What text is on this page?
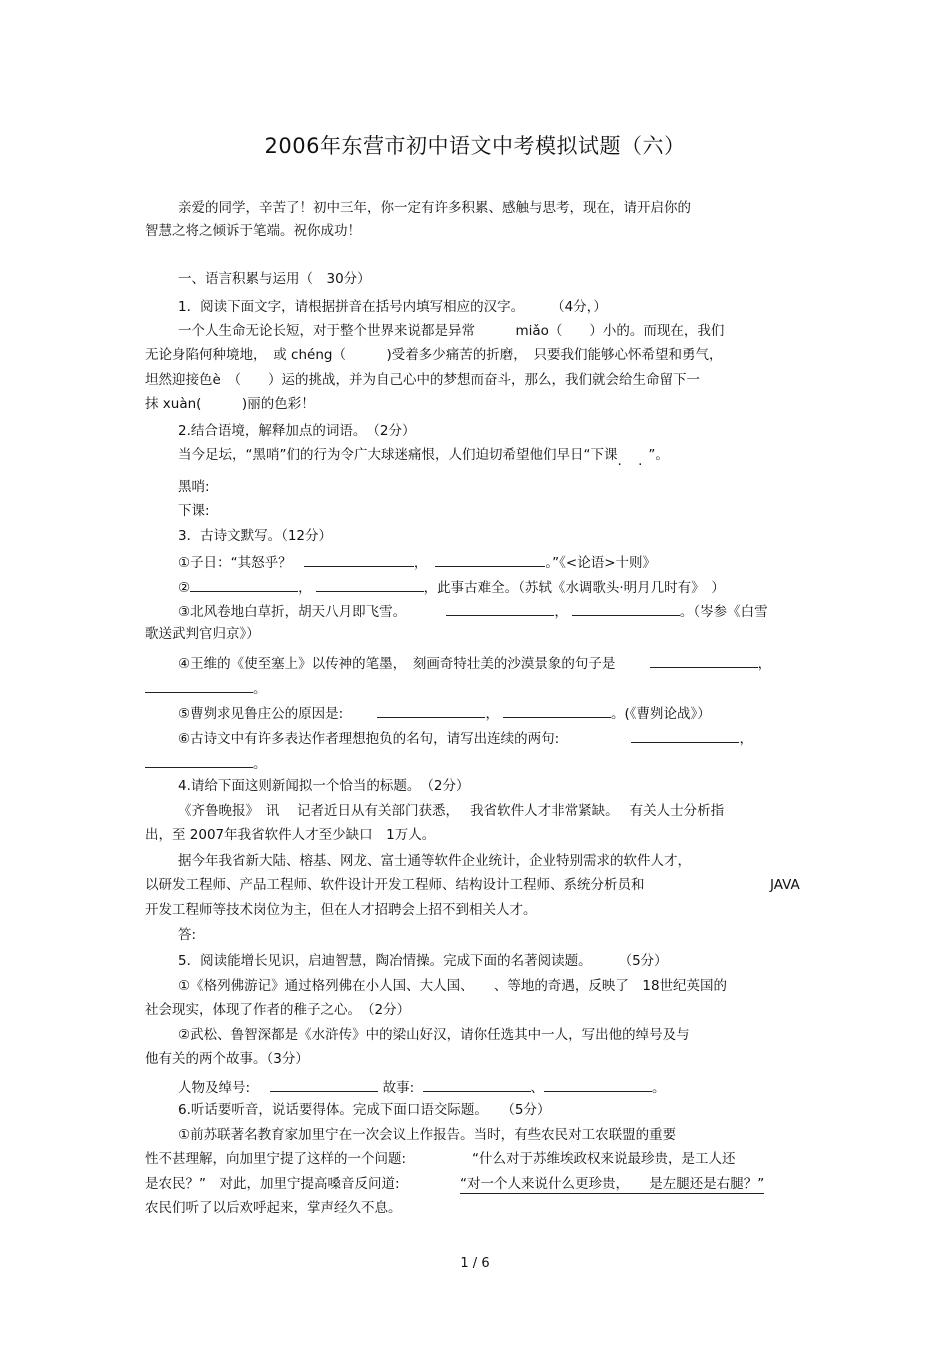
2006年东营市初中语文中考模拟试题（六）
亲爱的同学，辛苦了！初中三年，你一定有许多积累、感触与思考，现在，请开启你的
智慧之将之倾诉于笔端。祝你成功！
一、语言积累与运用（　30分）
1．阅读下面文字，请根据拼音在括号内填写相应的汉字。　　　（4分，）
一个人生命无论长短，对于整个世界来说都是异常　　　miǎo（　　）小的。而现在，我们
无论身陷何种境地，　或 chéng（　　　)受着多少痛苦的折磨，　只要我们能够心怀希望和勇气，
坦然迎接色è　（　　）运的挑战，并为自己心中的梦想而奋斗，那么，我们就会给生命留下一
抹 xuàn(　　　)丽的色彩！
2.结合语境，解释加点的词语。　（2分）
当今足坛，“黑哨”们的行为令广大球迷痛恨，人们迫切希望他们早日“下课. .”。
黑哨:
下课:
3．古诗文默写。（12分）
①子日：“其怒乎？	，	。”《<论语>十则》
②	，	，此事古难全。（苏轼《水调歌头·明月几时有》　）
③北风卷地白草折，胡天八月即飞雪。	，	。（岑参《白雪
歌送武判官归京》）
④王维的《使至塞上》以传神的笔墨，　刻画奇特壮美的沙漠景象的句子是	，
。
⑤曹刿求见鲁庄公的原因是:	，	。(《曹刿论战》）
⑥古诗文中有许多表达作者理想抱负的名句，请写出连续的两句:	，
。
4.请给下面这则新闻拟一个恰当的标题。　（2分）
《齐鲁晚报》　讯　 记者近日从有关部门获悉，　 我省软件人才非常紧缺。　 有关人士分析指
出，至 2007年我省软件人才至少缺口　1万人。
据今年我省新大陆、榕基、网龙、富士通等软件企业统计，企业特别需求的软件人才，
以研发工程师、产品工程师、软件设计开发工程师、结构设计工程师、系统分析员和	JAVA
开发工程师等技术岗位为主，但在人才招聘会上招不到相关人才。
答:
5．阅读能增长见识，启迪智慧，陶冶情操。完成下面的名著阅读题。　　　（5分）
①《格列佛游记》通过格列佛在小人国、大人国、　　、等地的奇遇，反映了　18世纪英国的
社会现实，体现了作者的稚子之心。　（2分）
②武松、鲁智深都是《水浒传》中的梁山好汉，请你任选其中一人，写出他的绰号及与
他有关的两个故事。（3分）
人物及绰号:	故事:	、	。
6.听话要听音，说话要得体。完成下面口语交际题。　　（5分）
①前苏联著名教育家加里宁在一次会议上作报告。当时，有些农民对工农联盟的重要
性不甚理解，向加里宁提了这样的一个问题:	“什么对于苏维埃政权来说最珍贵，是工人还
是农民？”　对此，加里宁提高嗓音反问道:	“对一个人来说什么更珍贵，　　是左腿还是右腿？”
农民们听了以后欢呼起来，掌声经久不息。
1 / 6
